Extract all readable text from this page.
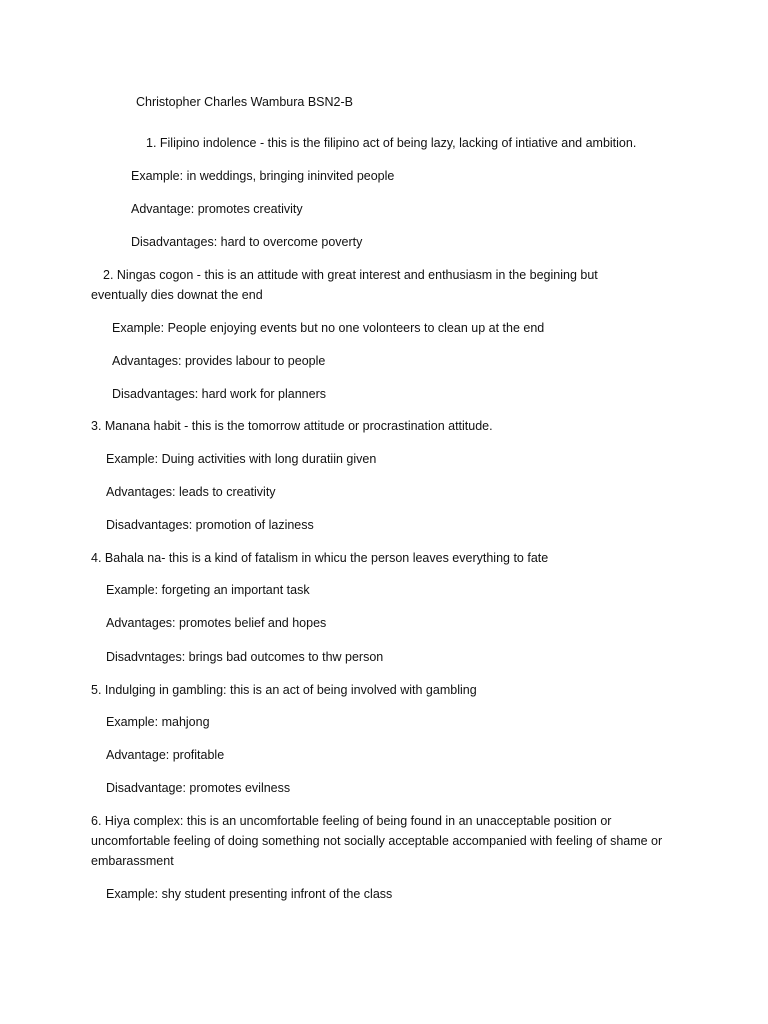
Christopher Charles Wambura BSN2-B
1. Filipino indolence - this is the filipino act of being lazy, lacking of intiative and ambition.
Example: in weddings, bringing ininvited people
Advantage: promotes creativity
Disadvantages: hard to overcome poverty
2. Ningas cogon - this is an attitude with great interest and enthusiasm in the begining but
eventually dies downat the end
Example: People enjoying events but no one volonteers to clean up at the end
Advantages: provides labour to people
Disadvantages: hard work for planners
3. Manana habit - this is the tomorrow attitude or procrastination attitude.
Example: Duing activities with long duratiin given
Advantages: leads to creativity
Disadvantages: promotion of laziness
4. Bahala na- this is a kind of fatalism in whicu the person leaves everything to fate
Example: forgeting an important task
Advantages: promotes belief and hopes
Disadvntages: brings bad outcomes to thw person
5. Indulging in gambling: this is an act of being involved with gambling
Example: mahjong
Advantage: profitable
Disadvantage: promotes evilness
6. Hiya complex: this is an uncomfortable feeling of being found in an unacceptable position or
uncomfortable feeling of doing something not socially acceptable accompanied with feeling of shame or
embarassment
Example: shy student presenting infront of the class
